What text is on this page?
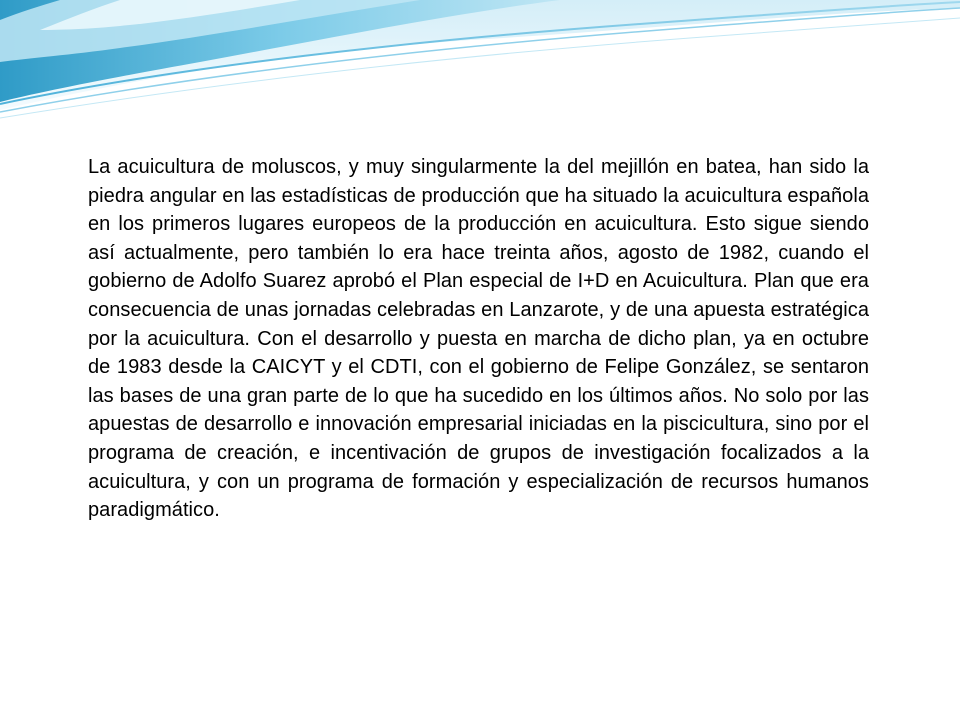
La acuicultura de moluscos, y muy singularmente la del mejillón en batea, han sido la piedra angular en las estadísticas de producción que ha situado la acuicultura española en los primeros lugares europeos de la producción en acuicultura. Esto sigue siendo así actualmente, pero también lo era hace treinta años, agosto de 1982, cuando el gobierno de Adolfo Suarez aprobó el Plan especial de I+D en Acuicultura. Plan que era consecuencia de unas jornadas celebradas en Lanzarote, y de una apuesta estratégica por la acuicultura. Con el desarrollo y puesta en marcha de dicho plan, ya en octubre de 1983 desde la CAICYT y el CDTI, con el gobierno de Felipe González, se sentaron las bases de una gran parte de lo que ha sucedido en los últimos años. No solo por las apuestas de desarrollo e innovación empresarial iniciadas en la piscicultura, sino por el programa de creación, e incentivación de grupos de investigación focalizados a la acuicultura, y con un programa de formación y especialización de recursos humanos paradigmático.
